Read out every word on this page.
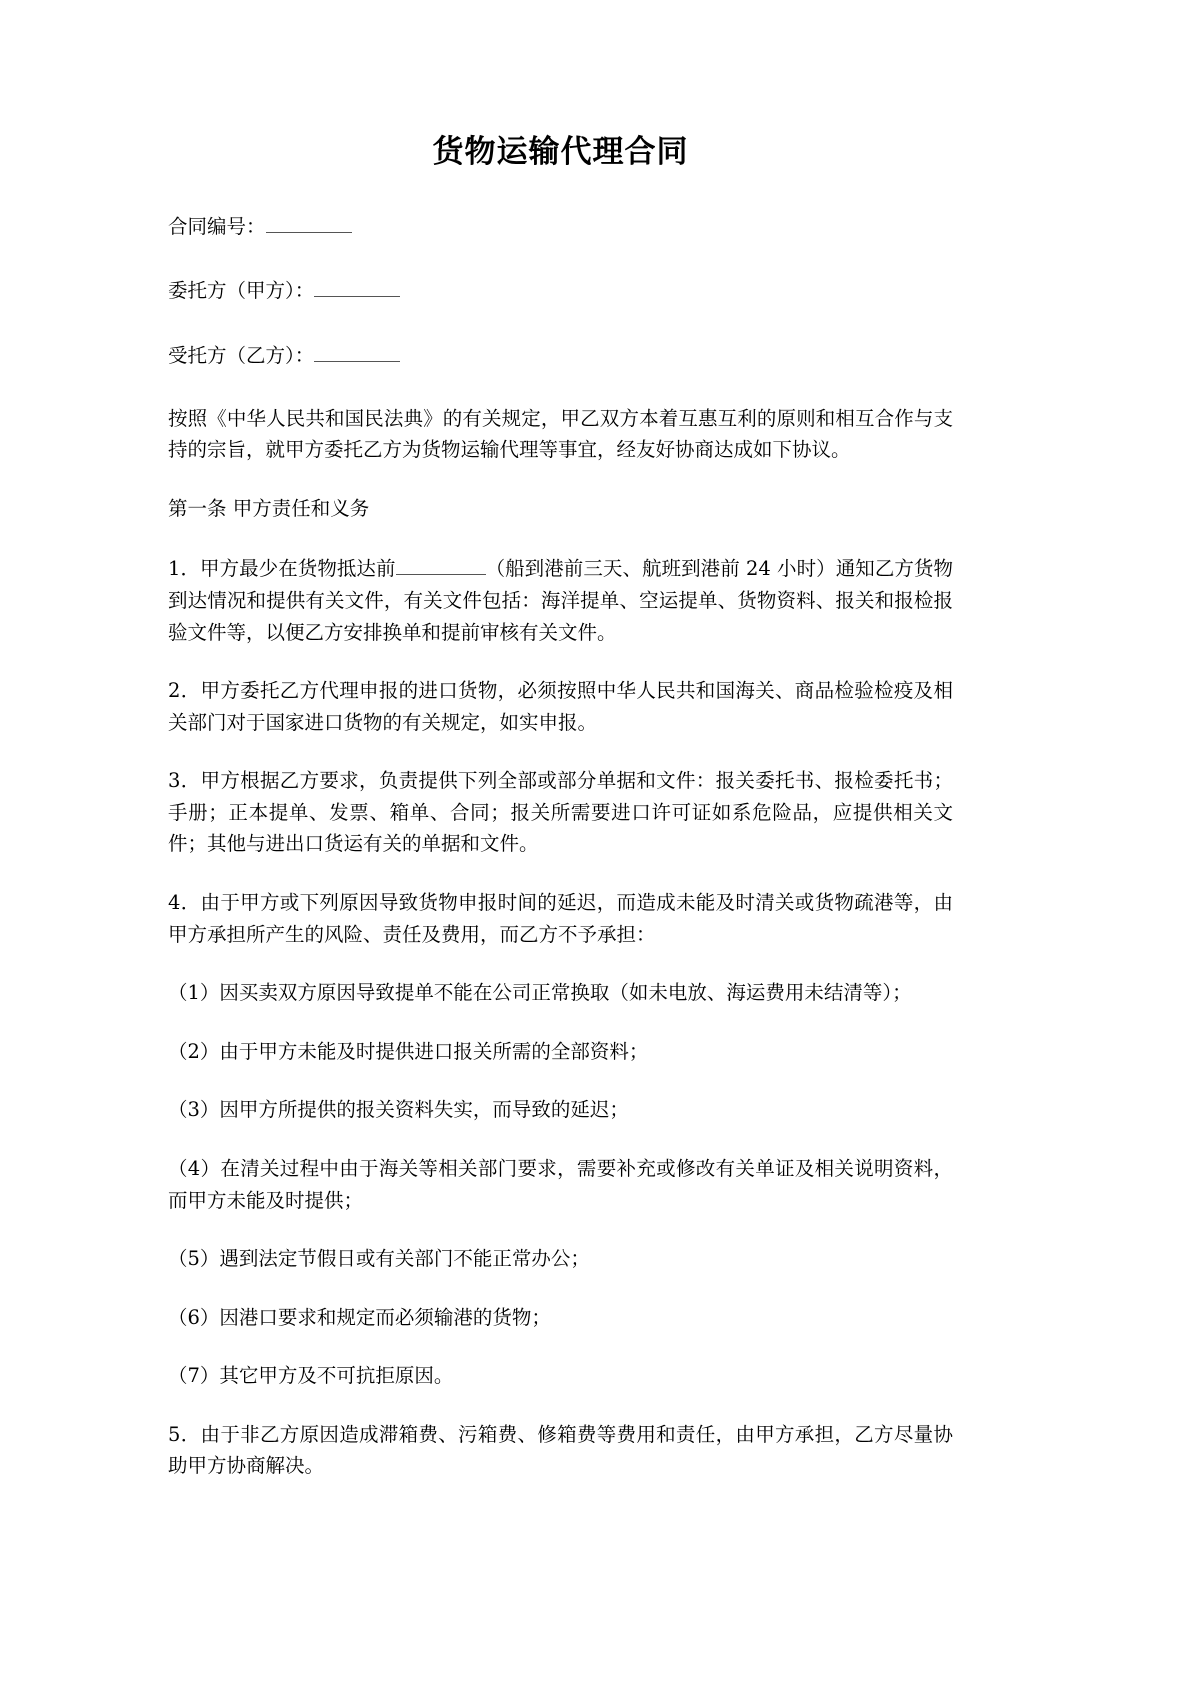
货物运输代理合同
合同编号：
委托方（甲方）：
受托方（乙方）：

按照《中华人民共和国民法典》的有关规定，甲乙双方本着互惠互利的原则和相互合作与支持的宗旨，就甲方委托乙方为货物运输代理等事宜，经友好协商达成如下协议。

第一条 甲方责任和义务

1．甲方最少在货物抵达前	（船到港前三天、航班到港前 24 小时）通知乙方货物到达情况和提供有关文件，有关文件包括：海洋提单、空运提单、货物资料、报关和报检报验文件等，以便乙方安排换单和提前审核有关文件。

2．甲方委托乙方代理申报的进口货物，必须按照中华人民共和国海关、商品检验检疫及相关部门对于国家进口货物的有关规定，如实申报。

3．甲方根据乙方要求，负责提供下列全部或部分单据和文件：报关委托书、报检委托书；手册；正本提单、发票、箱单、合同；报关所需要进口许可证如系危险品，应提供相关文件；其他与进出口货运有关的单据和文件。

4．由于甲方或下列原因导致货物申报时间的延迟，而造成未能及时清关或货物疏港等，由甲方承担所产生的风险、责任及费用，而乙方不予承担：

（1）因买卖双方原因导致提单不能在公司正常换取（如未电放、海运费用未结清等）；

（2）由于甲方未能及时提供进口报关所需的全部资料；

（3）因甲方所提供的报关资料失实，而导致的延迟；

（4）在清关过程中由于海关等相关部门要求，需要补充或修改有关单证及相关说明资料，而甲方未能及时提供；

（5）遇到法定节假日或有关部门不能正常办公；

（6）因港口要求和规定而必须输港的货物；

（7）其它甲方及不可抗拒原因。

5．由于非乙方原因造成滞箱费、污箱费、修箱费等费用和责任，由甲方承担，乙方尽量协助甲方协商解决。
